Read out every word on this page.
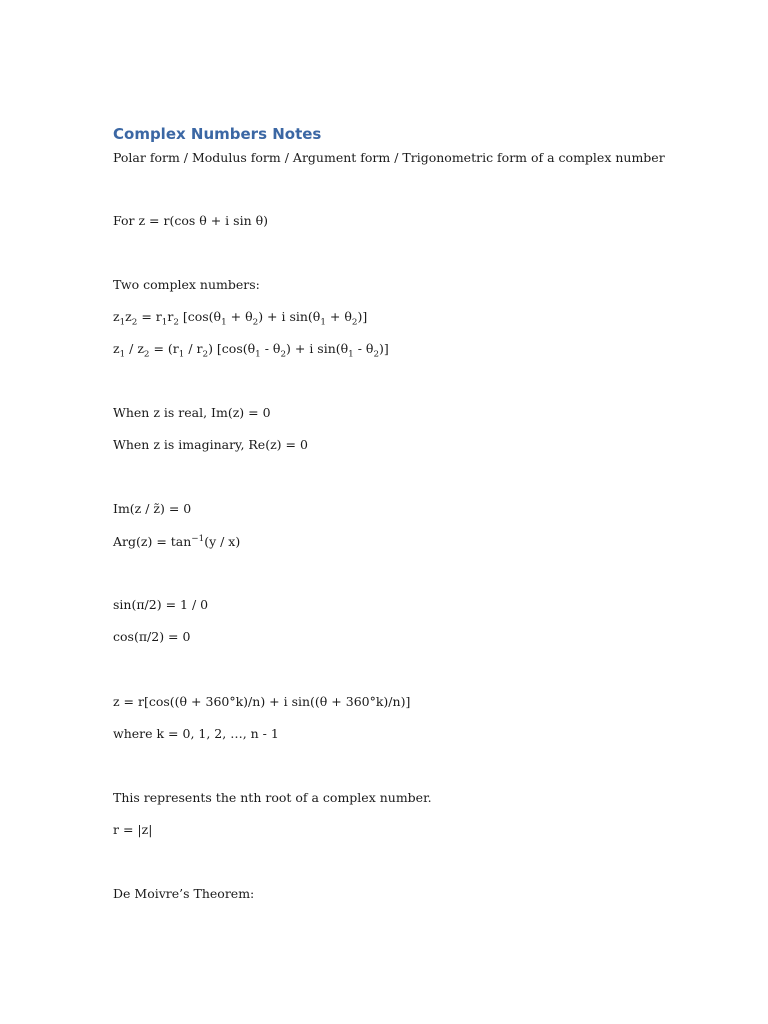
Complex Numbers Notes

Polar form / Modulus form / Argument form / Trigonometric form of a complex number

For z = r(cos θ + i sin θ)

Two complex numbers:

$z_1z_2 = r_1r_2$ [$\cos(\theta_1 + \theta_2) + i$ $\sin(\theta_1 + \theta_2)$]

$z_1 / z_2 = (r_1 / r_2)$ [$\cos(\theta_1 - \theta_2) + i$ $\sin(\theta_1 - \theta_2)$]

When z is real, Im(z) = 0

When z is imaginary, Re(z) = 0

Im(z / z̃) = 0

$Arg(z) = \tan^{-1}(y / x)$

sin(π/2) = 1 / 0

cos(π/2) = 0

z = r[cos((θ + 360°k)/n) + i sin((θ + 360°k)/n)]

where k = 0, 1, 2, …, n - 1

This represents the nth root of a complex number.

r = |z|

De Moivre’s Theorem:
